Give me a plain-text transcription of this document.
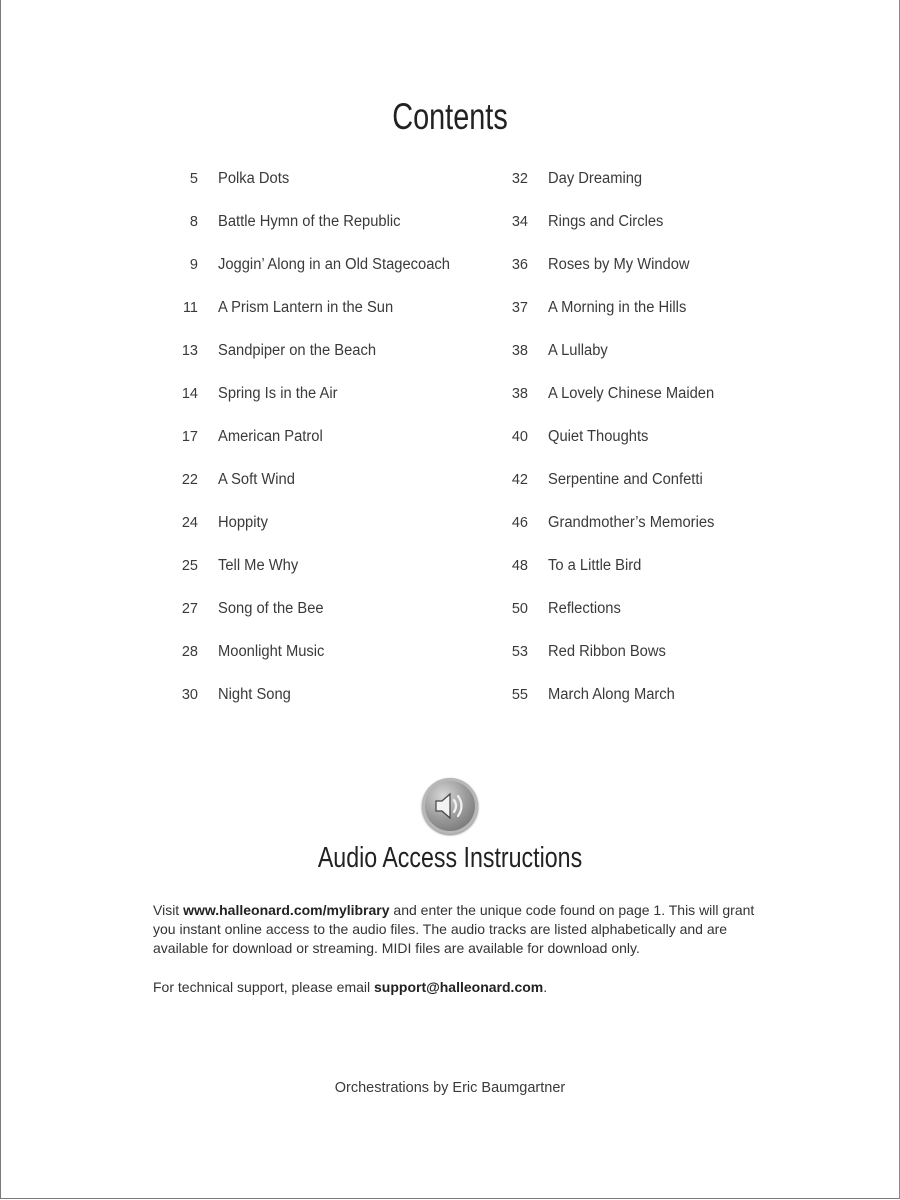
Contents
5 Polka Dots
8 Battle Hymn of the Republic
9 Joggin’ Along in an Old Stagecoach
11 A Prism Lantern in the Sun
13 Sandpiper on the Beach
14 Spring Is in the Air
17 American Patrol
22 A Soft Wind
24 Hoppity
25 Tell Me Why
27 Song of the Bee
28 Moonlight Music
30 Night Song
32 Day Dreaming
34 Rings and Circles
36 Roses by My Window
37 A Morning in the Hills
38 A Lullaby
38 A Lovely Chinese Maiden
40 Quiet Thoughts
42 Serpentine and Confetti
46 Grandmother’s Memories
48 To a Little Bird
50 Reflections
53 Red Ribbon Bows
55 March Along March
Audio Access Instructions
Visit www.halleonard.com/mylibrary and enter the unique code found on page 1. This will grant you instant online access to the audio files. The audio tracks are listed alphabetically and are available for download or streaming. MIDI files are available for download only.
For technical support, please email support@halleonard.com.
Orchestrations by Eric Baumgartner
